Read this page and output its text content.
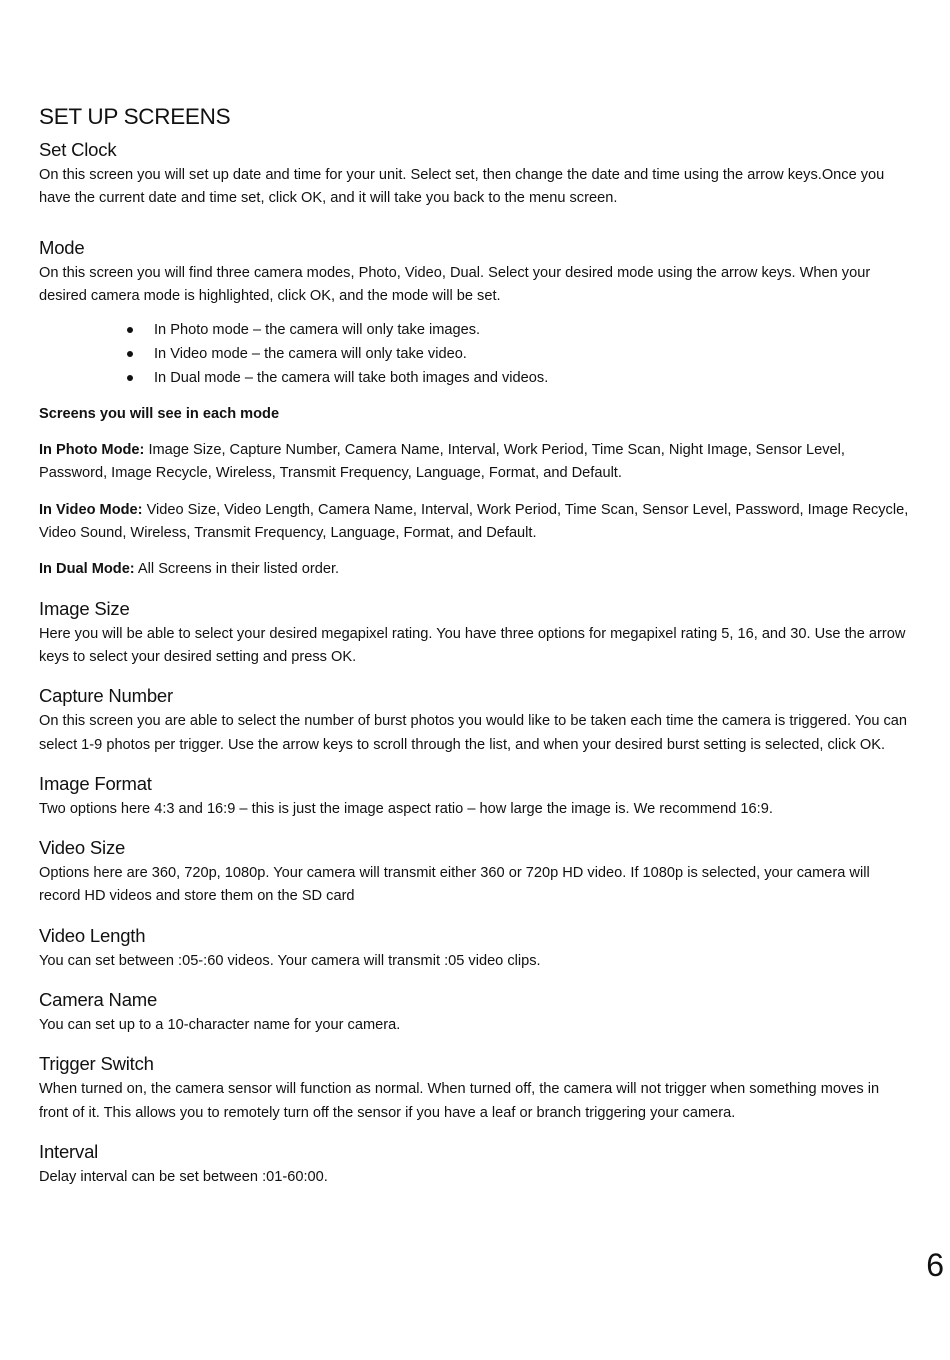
SET UP SCREENS
Set Clock

On this screen you will set up date and time for your unit. Select set, then change the date and time using the arrow keys.Once you have the current date and time set, click OK, and it will take you back to the menu screen.

Mode

On this screen you will find three camera modes, Photo, Video, Dual. Select your desired mode using the arrow keys. When your desired camera mode is highlighted, click OK, and the mode will be set.

In Photo mode – the camera will only take images.
In Video mode – the camera will only take video.
In Dual mode – the camera will take both images and videos.

Screens you will see in each mode

In Photo Mode: Image Size, Capture Number, Camera Name, Interval, Work Period, Time Scan, Night Image, Sensor Level, Password, Image Recycle, Wireless, Transmit Frequency, Language, Format, and Default.

In Video Mode: Video Size, Video Length, Camera Name, Interval, Work Period, Time Scan, Sensor Level, Password, Image Recycle, Video Sound, Wireless, Transmit Frequency, Language, Format, and Default.

In Dual Mode: All Screens in their listed order.

Image Size

Here you will be able to select your desired megapixel rating. You have three options for megapixel rating 5, 16, and 30. Use the arrow keys to select your desired setting and press OK.

Capture Number

On this screen you are able to select the number of burst photos you would like to be taken each time the camera is triggered. You can select 1-9 photos per trigger. Use the arrow keys to scroll through the list, and when your desired burst setting is selected, click OK.

Image Format

Two options here 4:3 and 16:9 – this is just the image aspect ratio – how large the image is. We recommend 16:9.

Video Size

Options here are 360, 720p, 1080p. Your camera will transmit either 360 or 720p HD video. If 1080p is selected, your camera will record HD videos and store them on the SD card

Video Length

You can set between :05-:60 videos. Your camera will transmit :05 video clips.

Camera Name

You can set up to a 10-character name for your camera.

Trigger Switch

When turned on, the camera sensor will function as normal. When turned off, the camera will not trigger when something moves in front of it. This allows you to remotely turn off the sensor if you have a leaf or branch triggering your camera.

Interval

Delay interval can be set between :01-60:00.

6
